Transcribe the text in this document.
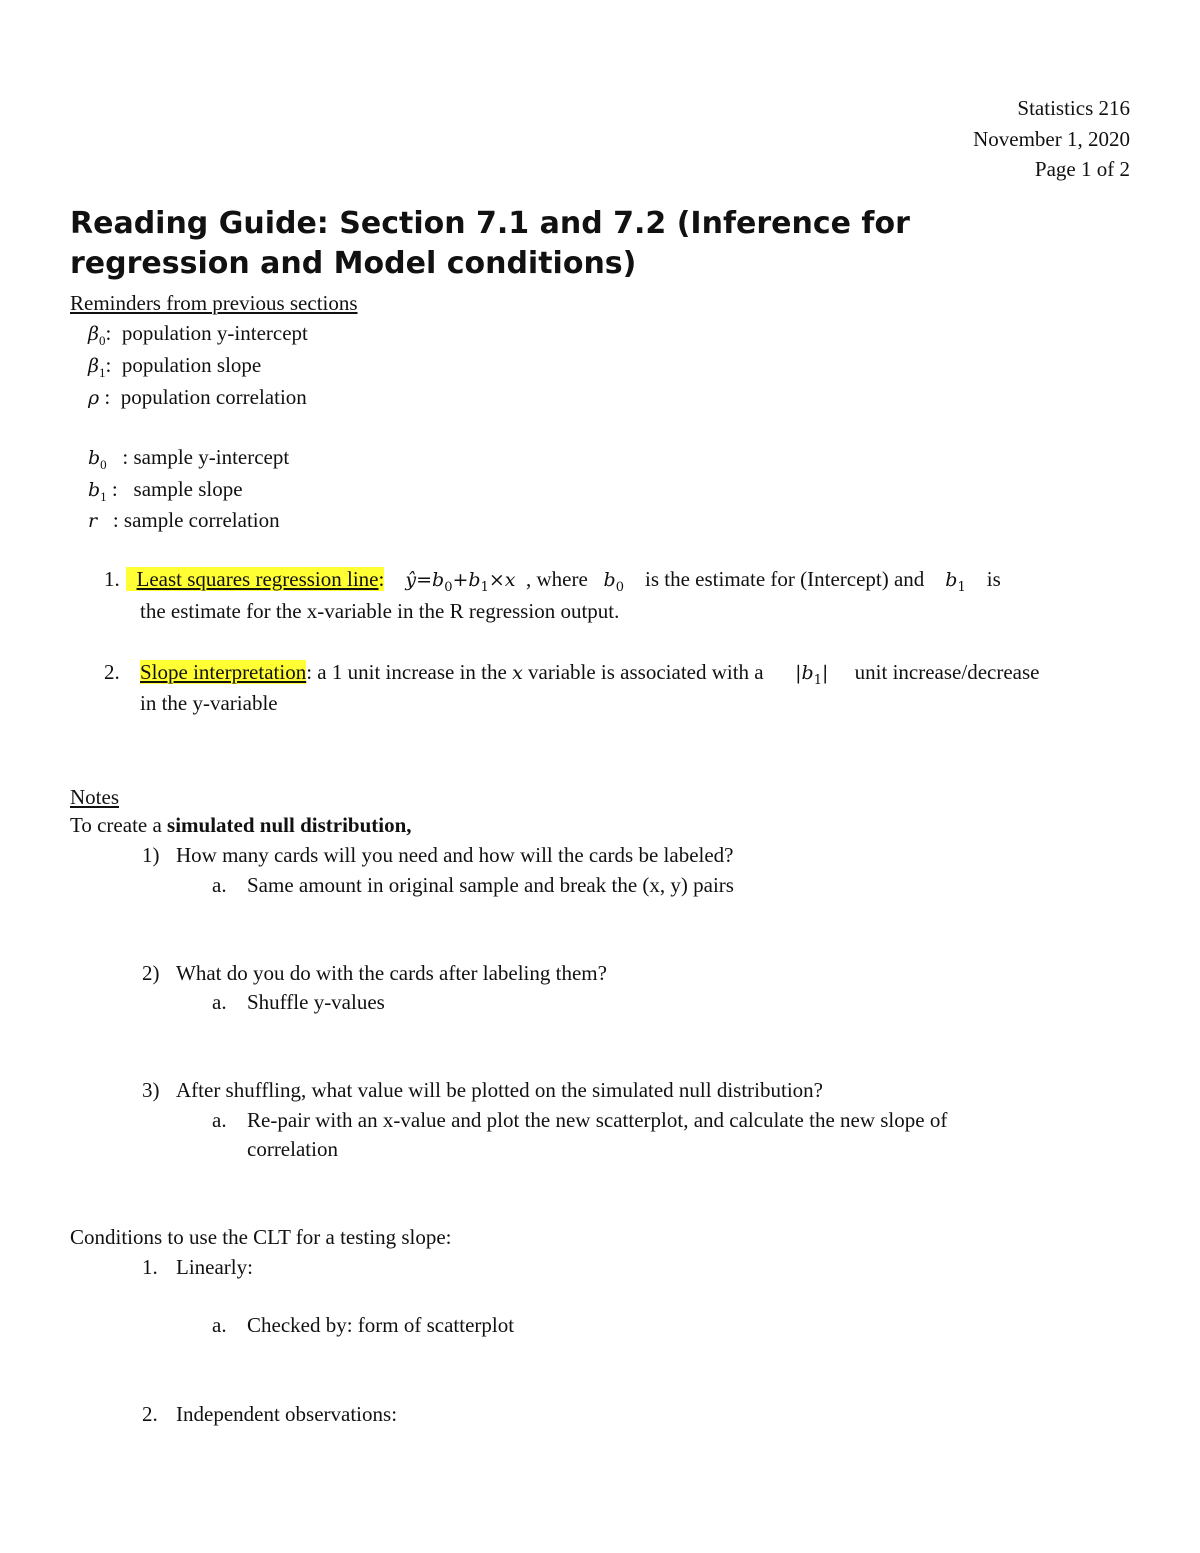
Statistics 216
November 1, 2020
Page 1 of 2
Reading Guide: Section 7.1 and 7.2 (Inference for
regression and Model conditions)
Reminders from previous sections
$\beta_0$: population y-intercept
$\beta_1$: population slope
ρ : population correlation
$b_0$ : sample y-intercept
$b_1$ : sample slope
r : sample correlation
1. Least squares regression line: $ŷ=b_0+b_1\times x$ , where $b_0$ is the estimate for (Intercept) and $b_1$ is
the estimate for the x-variable in the R regression output.
2. Slope interpretation: a 1 unit increase in the x variable is associated with a $|b_1|$ unit increase/decrease
in the y-variable
Notes
To create a simulated null distribution,
1) How many cards will you need and how will the cards be labeled?
a. Same amount in original sample and break the (x, y) pairs
2) What do you do with the cards after labeling them?
a. Shuffle y-values
3) After shuffling, what value will be plotted on the simulated null distribution?
a. Re-pair with an x-value and plot the new scatterplot, and calculate the new slope of
correlation
Conditions to use the CLT for a testing slope:
1. Linearly:
a. Checked by: form of scatterplot
2. Independent observations:
